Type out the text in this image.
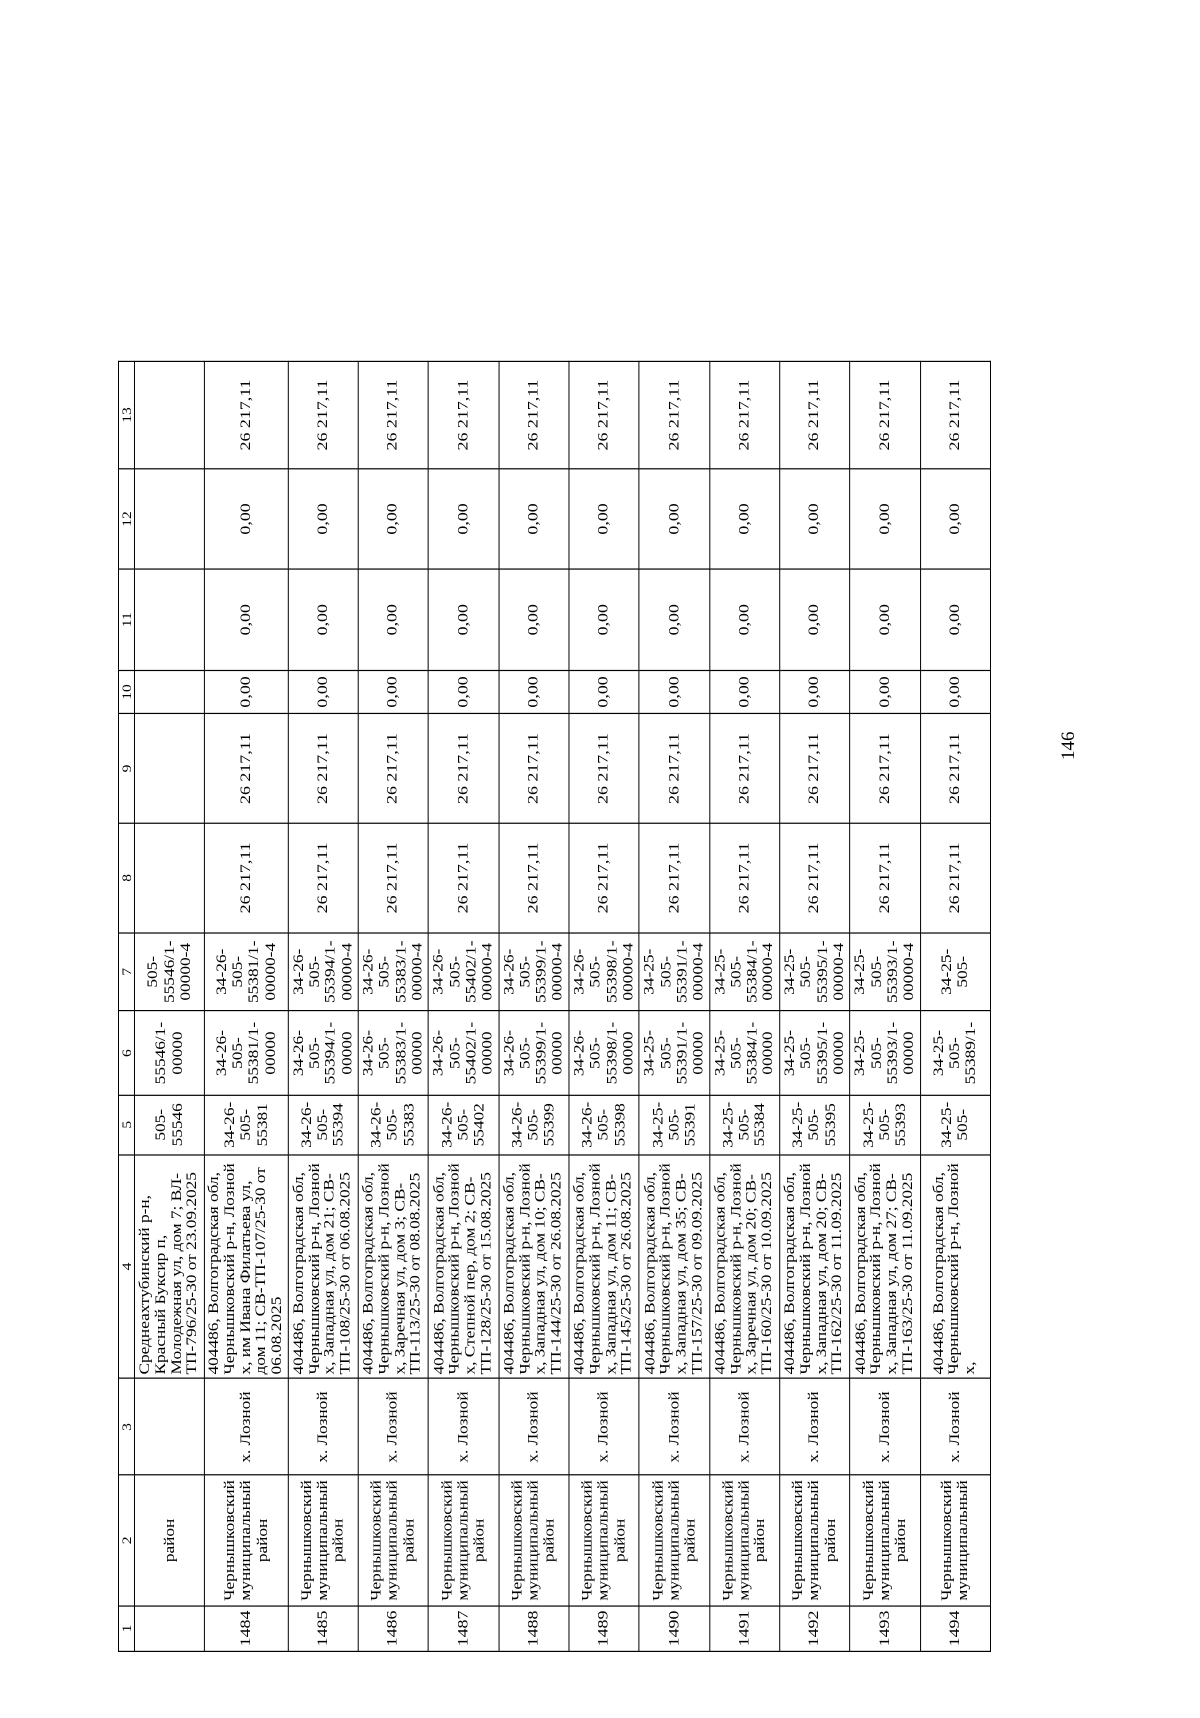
146
1	2	3	4	5	6	7	8	9	10	11	12	13
	район		Среднеахтубинский р-н, Красный Буксир п, Молодежная ул, дом 7; ВЛ-ТП-796/25-30 от 23.09.2025	505-55546	55546/1-00000	505-55546/1-00000-4						
1484	Чернышковский муниципальный район	х. Лозной	404486, Волгоградская обл, Чернышковский р-н, Лозной х, им Ивана Филатьева ул, дом 11; СВ-ТП-107/25-30 от 06.08.2025	34-26-505-55381	34-26-505-55381/1-00000	34-26-505-55381/1-00000-4	26 217,11	26 217,11	0,00	0,00	0,00	26 217,11
1485	Чернышковский муниципальный район	х. Лозной	404486, Волгоградская обл, Чернышковский р-н, Лозной х, Западная ул, дом 21; СВ-ТП-108/25-30 от 06.08.2025	34-26-505-55394	34-26-505-55394/1-00000	34-26-505-55394/1-00000-4	26 217,11	26 217,11	0,00	0,00	0,00	26 217,11
1486	Чернышковский муниципальный район	х. Лозной	404486, Волгоградская обл, Чернышковский р-н, Лозной х, Заречная ул, дом 3; СВ-ТП-113/25-30 от 08.08.2025	34-26-505-55383	34-26-505-55383/1-00000	34-26-505-55383/1-00000-4	26 217,11	26 217,11	0,00	0,00	0,00	26 217,11
1487	Чернышковский муниципальный район	х. Лозной	404486, Волгоградская обл, Чернышковский р-н, Лозной х, Степной пер, дом 2; СВ-ТП-128/25-30 от 15.08.2025	34-26-505-55402	34-26-505-55402/1-00000	34-26-505-55402/1-00000-4	26 217,11	26 217,11	0,00	0,00	0,00	26 217,11
1488	Чернышковский муниципальный район	х. Лозной	404486, Волгоградская обл, Чернышковский р-н, Лозной х, Западная ул, дом 10; СВ-ТП-144/25-30 от 26.08.2025	34-26-505-55399	34-26-505-55399/1-00000	34-26-505-55399/1-00000-4	26 217,11	26 217,11	0,00	0,00	0,00	26 217,11
1489	Чернышковский муниципальный район	х. Лозной	404486, Волгоградская обл, Чернышковский р-н, Лозной х, Западная ул, дом 11; СВ-ТП-145/25-30 от 26.08.2025	34-26-505-55398	34-26-505-55398/1-00000	34-26-505-55398/1-00000-4	26 217,11	26 217,11	0,00	0,00	0,00	26 217,11
1490	Чернышковский муниципальный район	х. Лозной	404486, Волгоградская обл, Чернышковский р-н, Лозной х, Западная ул, дом 35; СВ-ТП-157/25-30 от 09.09.2025	34-25-505-55391	34-25-505-55391/1-00000	34-25-505-55391/1-00000-4	26 217,11	26 217,11	0,00	0,00	0,00	26 217,11
1491	Чернышковский муниципальный район	х. Лозной	404486, Волгоградская обл, Чернышковский р-н, Лозной х, Заречная ул, дом 20; СВ-ТП-160/25-30 от 10.09.2025	34-25-505-55384	34-25-505-55384/1-00000	34-25-505-55384/1-00000-4	26 217,11	26 217,11	0,00	0,00	0,00	26 217,11
1492	Чернышковский муниципальный район	х. Лозной	404486, Волгоградская обл, Чернышковский р-н, Лозной х, Западная ул, дом 20; СВ-ТП-162/25-30 от 11.09.2025	34-25-505-55395	34-25-505-55395/1-00000	34-25-505-55395/1-00000-4	26 217,11	26 217,11	0,00	0,00	0,00	26 217,11
1493	Чернышковский муниципальный район	х. Лозной	404486, Волгоградская обл, Чернышковский р-н, Лозной х, Западная ул, дом 27; СВ-ТП-163/25-30 от 11.09.2025	34-25-505-55393	34-25-505-55393/1-00000	34-25-505-55393/1-00000-4	26 217,11	26 217,11	0,00	0,00	0,00	26 217,11
1494	Чернышковский муниципальный	х. Лозной	404486, Волгоградская обл, Чернышковский р-н, Лозной х,	34-25-505-	34-25-505-55389/1-	34-25-505-	26 217,11	26 217,11	0,00	0,00	0,00	26 217,11
